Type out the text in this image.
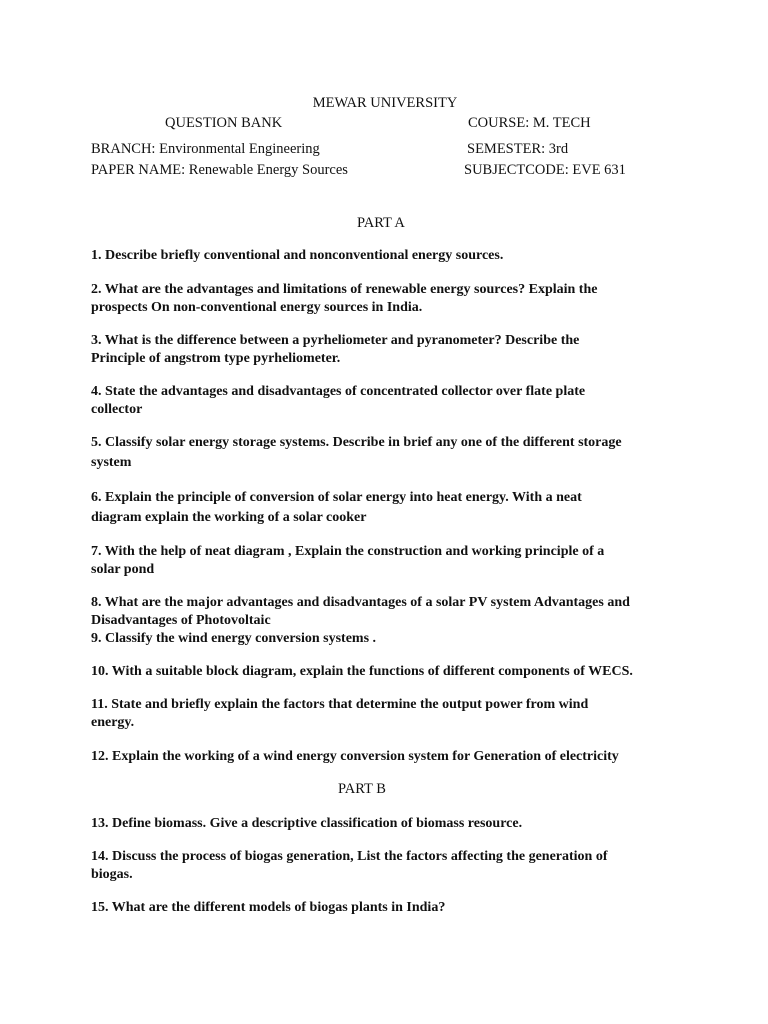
MEWAR UNIVERSITY
QUESTION BANK	COURSE: M. TECH
BRANCH: Environmental Engineering	SEMESTER: 3rd
PAPER NAME: Renewable Energy Sources	SUBJECTCODE: EVE 631
PART A
1. Describe briefly conventional and nonconventional energy sources.
2. What are the advantages and limitations of renewable energy sources? Explain the
prospects On non-conventional energy sources in India.
3. What is the difference between a pyrheliometer and pyranometer? Describe the
Principle of angstrom type pyrheliometer.
4. State the advantages and disadvantages of concentrated collector over flate plate
collector
5. Classify solar energy storage systems. Describe in brief any one of the different storage
system
6. Explain the principle of conversion of solar energy into heat energy. With a neat
diagram explain the working of a solar cooker
7. With the help of neat diagram , Explain the construction and working principle of a
solar pond
8. What are the major advantages and disadvantages of a solar PV system Advantages and
Disadvantages of Photovoltaic
9. Classify the wind energy conversion systems .
10. With a suitable block diagram, explain the functions of different components of WECS.
11. State and briefly explain the factors that determine the output power from wind
energy.
12. Explain the working of a wind energy conversion system for Generation of electricity
PART B
13. Define biomass. Give a descriptive classification of biomass resource.
14. Discuss the process of biogas generation, List the factors affecting the generation of
biogas.
15. What are the different models of biogas plants in India?
